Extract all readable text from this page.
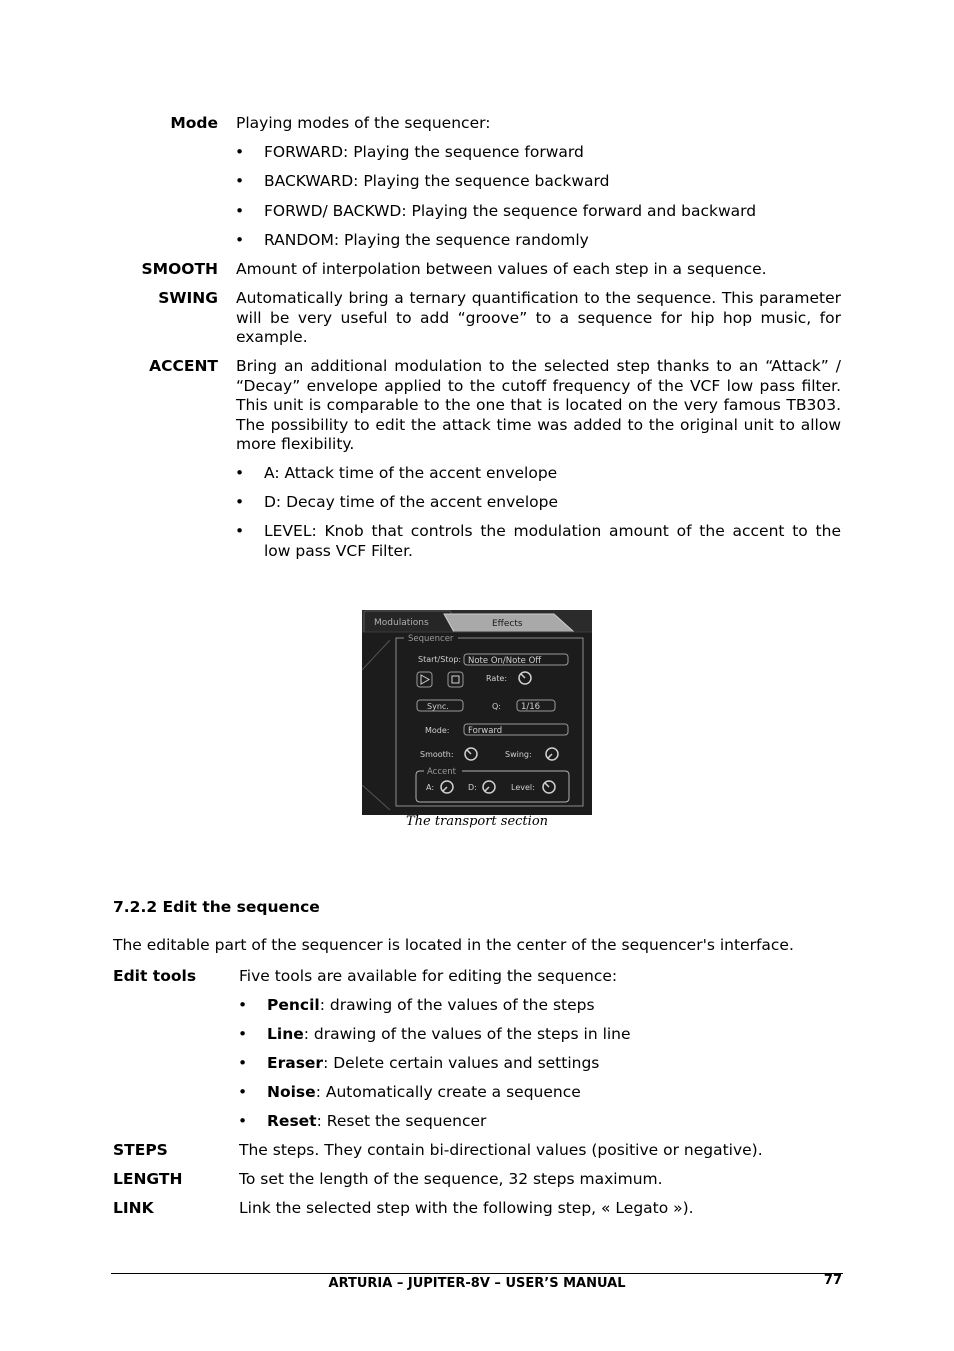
Mode Playing modes of the sequencer:
• FORWARD: Playing the sequence forward
• BACKWARD: Playing the sequence backward
• FORWD/ BACKWD: Playing the sequence forward and backward
• RANDOM: Playing the sequence randomly
SMOOTH Amount of interpolation between values of each step in a sequence.
SWING Automatically bring a ternary quantification to the sequence. This parameter will be very useful to add “groove” to a sequence for hip hop music, for example.
ACCENT Bring an additional modulation to the selected step thanks to an “Attack” / “Decay” envelope applied to the cutoff frequency of the VCF low pass filter. This unit is comparable to the one that is located on the very famous TB303. The possibility to edit the attack time was added to the original unit to allow more flexibility.
• A: Attack time of the accent envelope
• D: Decay time of the accent envelope
• LEVEL: Knob that controls the modulation amount of the accent to the low pass VCF Filter.
Modulations	Effects
Sequencer
Start/Stop: Note On/Note Off
Rate:
Sync.	Q: 1/16
Mode: Forward
Smooth:	Swing:
Accent
A:	D:	Level:
The transport section
7.2.2 Edit the sequence
The editable part of the sequencer is located in the center of the sequencer's interface.
Edit tools	Five tools are available for editing the sequence:
• Pencil: drawing of the values of the steps
• Line: drawing of the values of the steps in line
• Eraser: Delete certain values and settings
• Noise: Automatically create a sequence
• Reset: Reset the sequencer
STEPS	The steps. They contain bi-directional values (positive or negative).
LENGTH	To set the length of the sequence, 32 steps maximum.
LINK	Link the selected step with the following step, « Legato »).
ARTURIA – JUPITER-8V – USER’S MANUAL	77
